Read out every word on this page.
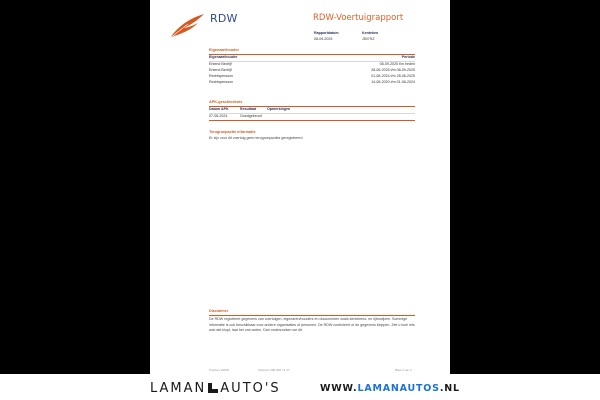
RDW	RDW-Voertuigrapport
Rapportdatum
08-09-2025
Kenteken
J507HZ
Eigenaar/houder
Eigenaar/houder	Periode
Erkend Bedrijf	08-09-2025 t/m heden
Erkend Bedrijf	28-06-2025 t/m 08-09-2025
Rechtspersoon	01-08-2024 t/m 28-06-2025
Rechtspersoon	14-08-2020 t/m 01-08-2024
APK-geschiedenis
Datum APK	Resultaat	Opmerkingen
07-08-2024	Goedgekeurd
Terugroepactie informatie
Er zijn voor dit voertuig geen terugroepacties geregistreerd
Disclaimer
De RDW registreert gegevens van voertuigen, eigenaren/houders en documenten zoals kentekens- en rijbewijzen. Sommige informatie is ook beschikbaar voor andere organisaties of personen. De RDW controleert of de gegevens kloppen. Ziet u toch iets wat niet klopt, laat het ons weten. Dan onderzoeken we dit.
Postbus 30000	Telefoon 088 008 74 47	Blad 2 van 2
LAMAN AUTO'S	WWW.LAMANAUTOS.NL
